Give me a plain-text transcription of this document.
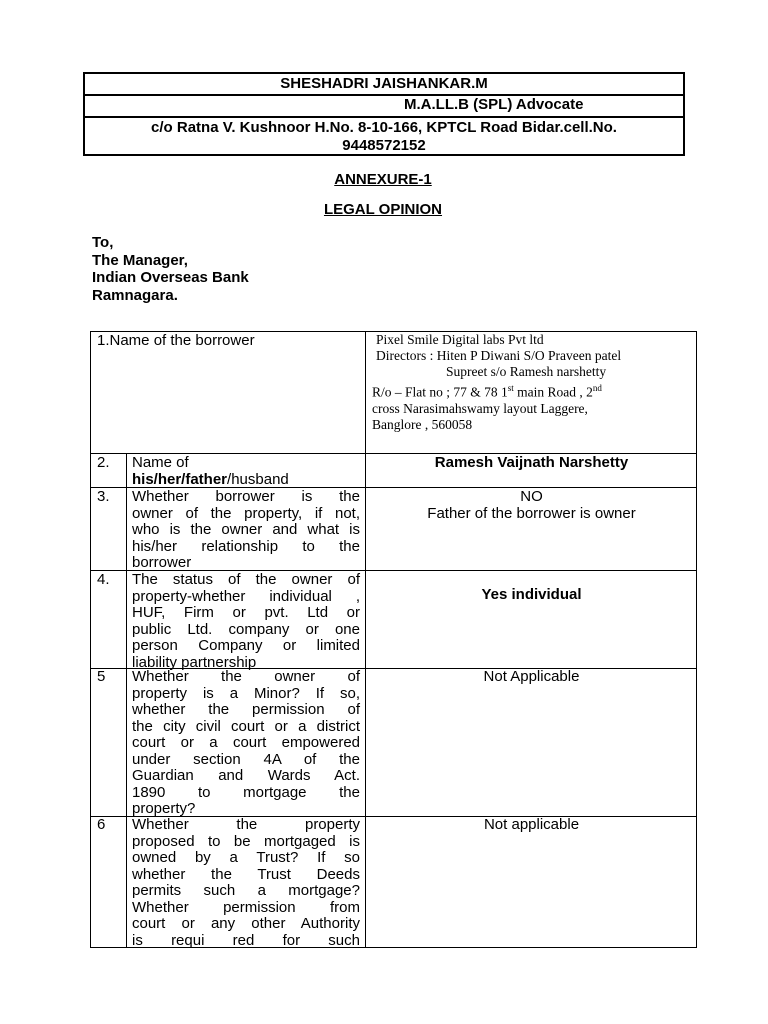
SHESHADRI JAISHANKAR.M
M.A.LL.B (SPL) Advocate
c/o Ratna V. Kushnoor H.No. 8-10-166, KPTCL Road Bidar.cell.No.
9448572152
ANNEXURE-1
LEGAL OPINION
To,
The Manager,
Indian Overseas Bank
Ramnagara.
1.Name of the borrower	Pixel Smile Digital labs Pvt ltd
Directors : Hiten P Diwani S/O Praveen patel
Supreet s/o Ramesh narshetty
R/o – Flat no ; 77 & 78 1st main Road , 2nd
cross Narasimahswamy layout Laggere,
Banglore , 560058
2. Name of
his/her/father/husband
Ramesh Vaijnath Narshetty
3. Whether borrower is the
owner of the property, if not,
who is the owner and what is
his/her relationship to the
borrower
NO
Father of the borrower is owner
4. The status of the owner of
property-whether individual ,
HUF, Firm or pvt. Ltd or
public Ltd. company or one
person Company or limited
liability partnership
Yes individual
5 Whether the owner of
property is a Minor? If so,
whether the permission of
the city civil court or a district
court or a court empowered
under section 4A of the
Guardian and Wards Act.
1890 to mortgage the
property?
Not Applicable
6 Whether the property
proposed to be mortgaged is
owned by a Trust? If so
whether the Trust Deeds
permits such a mortgage?
Whether permission from
court or any other Authority
is requi red for such
Not applicable
